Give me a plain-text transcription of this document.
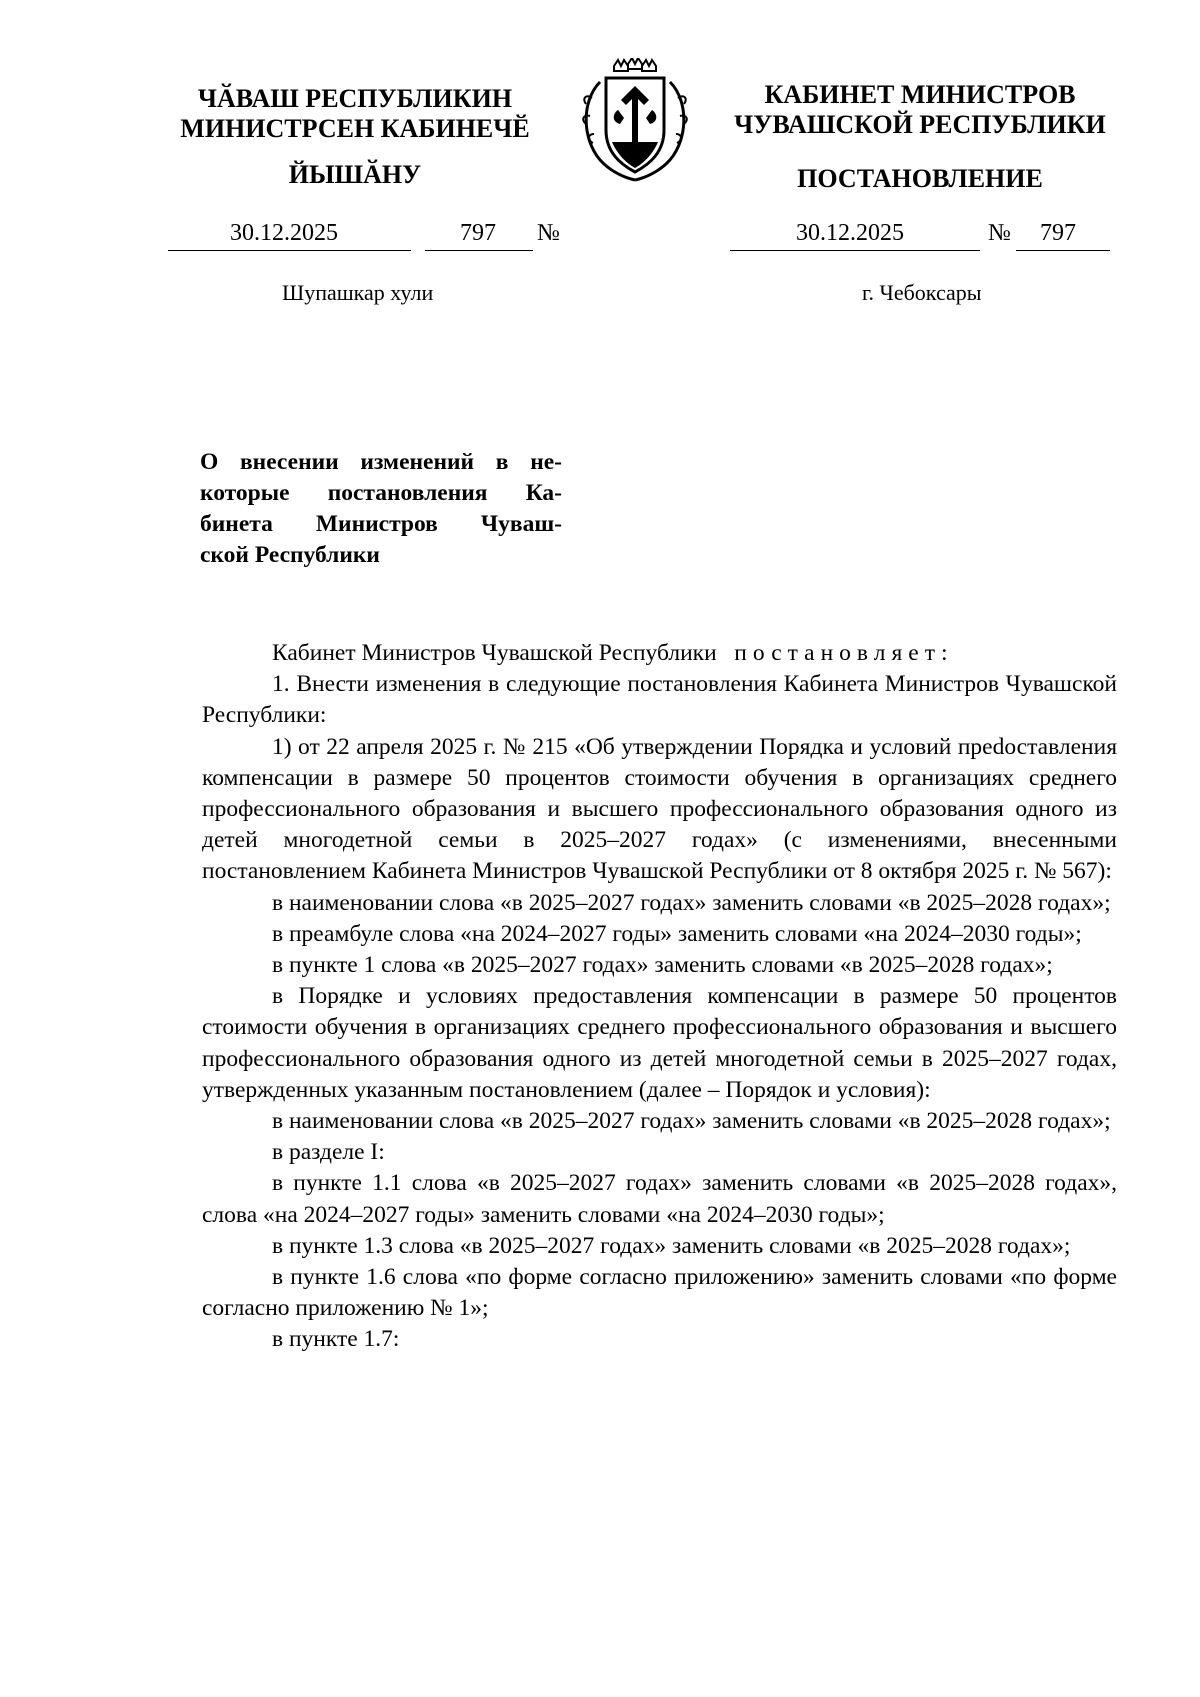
ЧӐВАШ РЕСПУБЛИКИН
МИНИСТРСЕН КАБИНЕЧӖ
ЙЫШӐНУ
КАБИНЕТ МИНИСТРОВ
ЧУВАШСКОЙ РЕСПУБЛИКИ
ПОСТАНОВЛЕНИЕ
30.12.2025	797 №	30.12.2025	№ 797
Шупашкар хули	г. Чебоксары
О внесении изменений в не-
которые постановления Ка-
бинета Министров Чуваш-
ской Республики

Кабинет Министров Чувашской Республики постановляет:

1. Внести изменения в следующие постановления Кабинета Министров Чувашской Республики:

1) от 22 апреля 2025 г. № 215 «Об утверждении Порядка и условий преdоставления компенсации в размере 50 процентов стоимости обучения в организациях среднего профессионального образования и высшего профессионального образования одного из детей многодетной семьи в 2025–2027 годах» (с изменениями, внесенными постановлением Кабинета Министров Чувашской Республики от 8 октября 2025 г. № 567):

в наименовании слова «в 2025–2027 годах» заменить словами «в 2025–2028 годах»;

в преамбуле слова «на 2024–2027 годы» заменить словами «на 2024–2030 годы»;

в пункте 1 слова «в 2025–2027 годах» заменить словами «в 2025–2028 годах»;

в Порядке и условиях предоставления компенсации в размере 50 процентов стоимости обучения в организациях среднего профессионального образования и высшего профессионального образования одного из детей многодетной семьи в 2025–2027 годах, утвержденных указанным постановлением (далее – Порядок и условия):

в наименовании слова «в 2025–2027 годах» заменить словами «в 2025–2028 годах»;

в разделе I:

в пункте 1.1 слова «в 2025–2027 годах» заменить словами «в 2025–2028 годах», слова «на 2024–2027 годы» заменить словами «на 2024–2030 годы»;

в пункте 1.3 слова «в 2025–2027 годах» заменить словами «в 2025–2028 годах»;

в пункте 1.6 слова «по форме согласно приложению» заменить словами «по форме согласно приложению № 1»;

в пункте 1.7:
